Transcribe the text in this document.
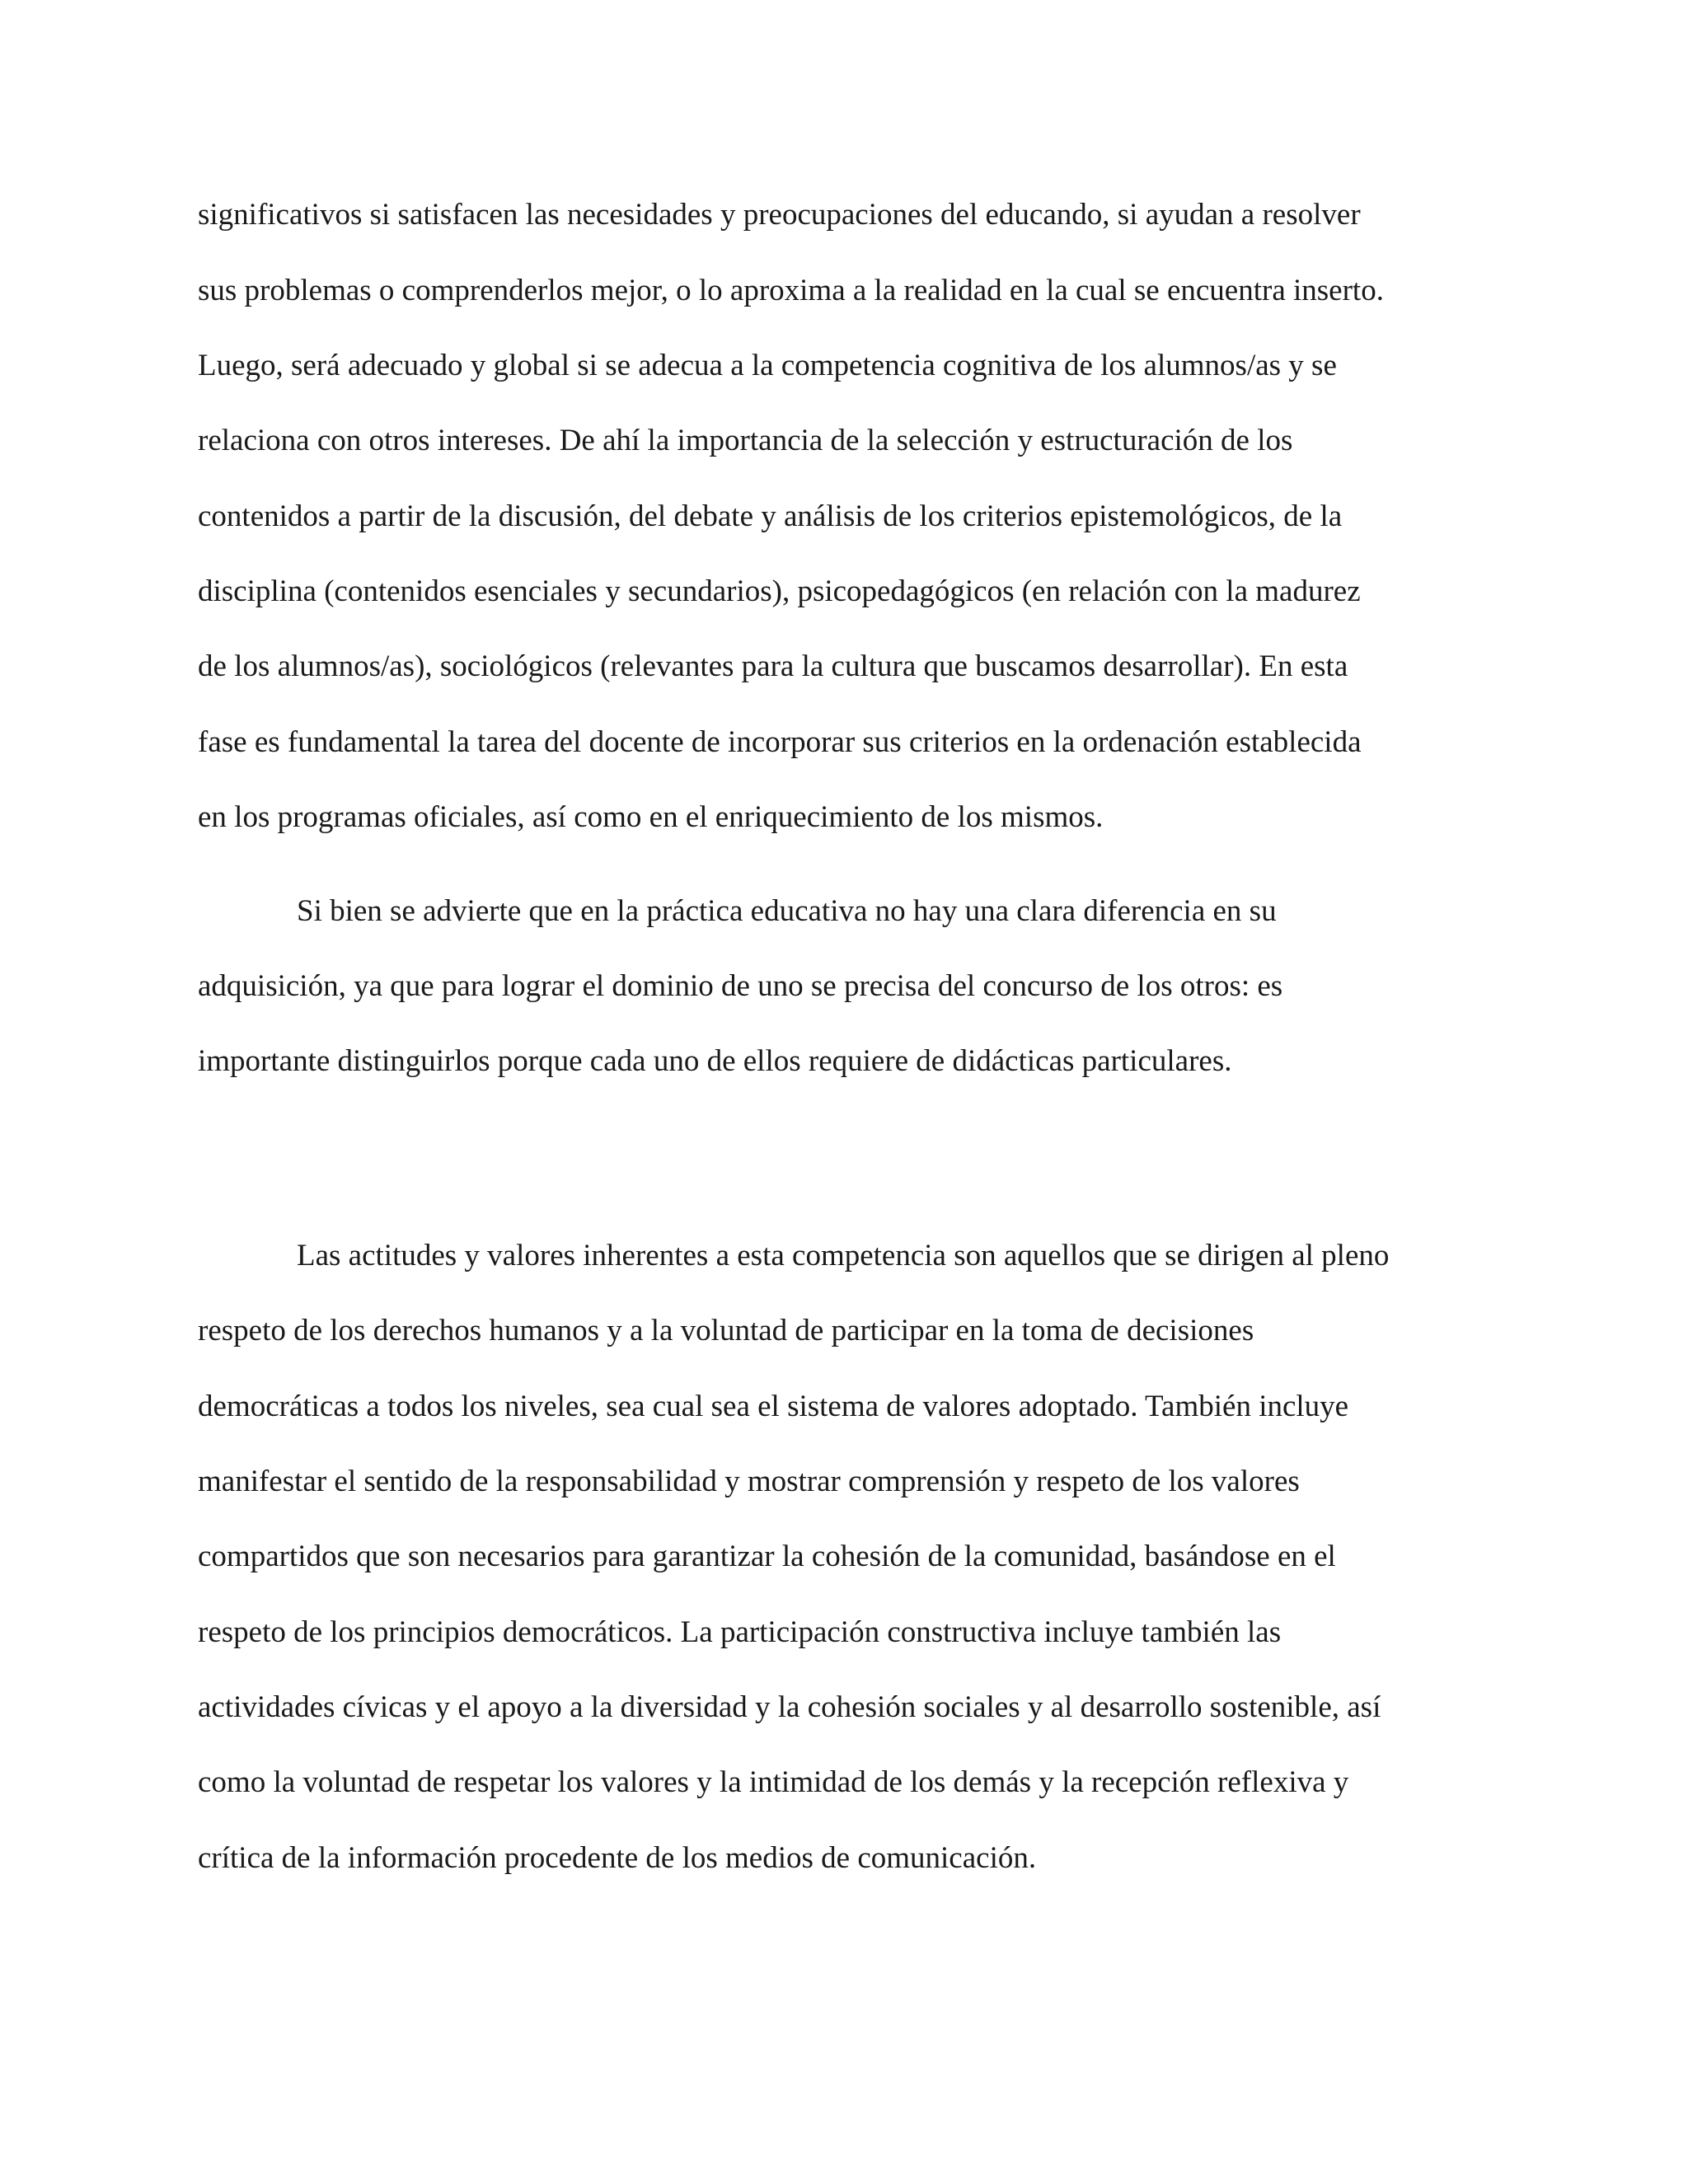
significativos si satisfacen las necesidades y preocupaciones del educando, si ayudan a resolver

sus problemas o comprenderlos mejor, o lo aproxima a la realidad en la cual se encuentra inserto.

Luego, será adecuado y global si se adecua a la competencia cognitiva de los alumnos/as y se

relaciona con otros intereses. De ahí la importancia de la selección y estructuración de los

contenidos a partir de la discusión, del debate y análisis de los criterios epistemológicos, de la

disciplina (contenidos esenciales y secundarios), psicopedagógicos (en relación con la madurez

de los alumnos/as), sociológicos (relevantes para la cultura que buscamos desarrollar). En esta

fase es fundamental la tarea del docente de incorporar sus criterios en la ordenación establecida

en los programas oficiales, así como en el enriquecimiento de los mismos.

Si bien se advierte que en la práctica educativa no hay una clara diferencia en su

adquisición, ya que para lograr el dominio de uno se precisa del concurso de los otros: es

importante distinguirlos porque cada uno de ellos requiere de didácticas particulares.

Las actitudes y valores inherentes a esta competencia son aquellos que se dirigen al pleno

respeto de los derechos humanos y a la voluntad de participar en la toma de decisiones

democráticas a todos los niveles, sea cual sea el sistema de valores adoptado. También incluye

manifestar el sentido de la responsabilidad y mostrar comprensión y respeto de los valores

compartidos que son necesarios para garantizar la cohesión de la comunidad, basándose en el

respeto de los principios democráticos. La participación constructiva incluye también las

actividades cívicas y el apoyo a la diversidad y la cohesión sociales y al desarrollo sostenible, así

como la voluntad de respetar los valores y la intimidad de los demás y la recepción reflexiva y

crítica de la información procedente de los medios de comunicación.
